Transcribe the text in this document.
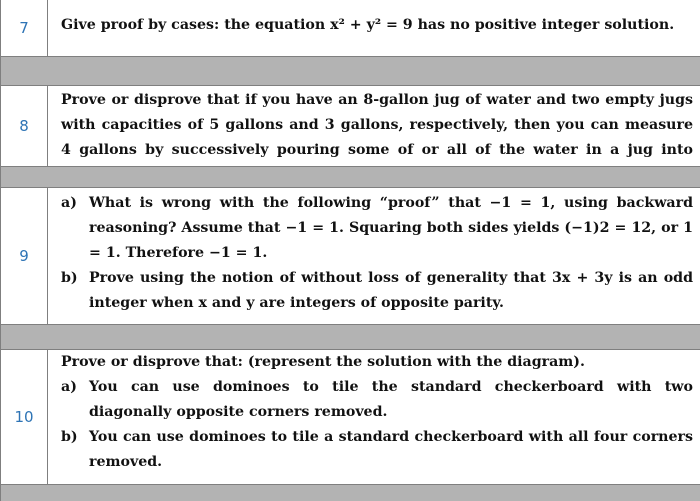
7	Give proof by cases: the equation x² + y² = 9 has no positive integer solution.
8
Prove or disprove that if you have an 8-gallon jug of water and two empty jugs with capacities of 5 gallons and 3 gallons, respectively, then you can measure 4 gallons by successively pouring some of or all of the water in a jug into
9
a) What is wrong with the following “proof” that −1 = 1, using backward reasoning? Assume that −1 = 1. Squaring both sides yields (−1)2 = 12, or 1 = 1. Therefore −1 = 1.
b) Prove using the notion of without loss of generality that 3x + 3y is an odd integer when x and y are integers of opposite parity.
10
Prove or disprove that: (represent the solution with the diagram).
a) You can use dominoes to tile the standard checkerboard with two diagonally opposite corners removed.
b) You can use dominoes to tile a standard checkerboard with all four corners removed.
